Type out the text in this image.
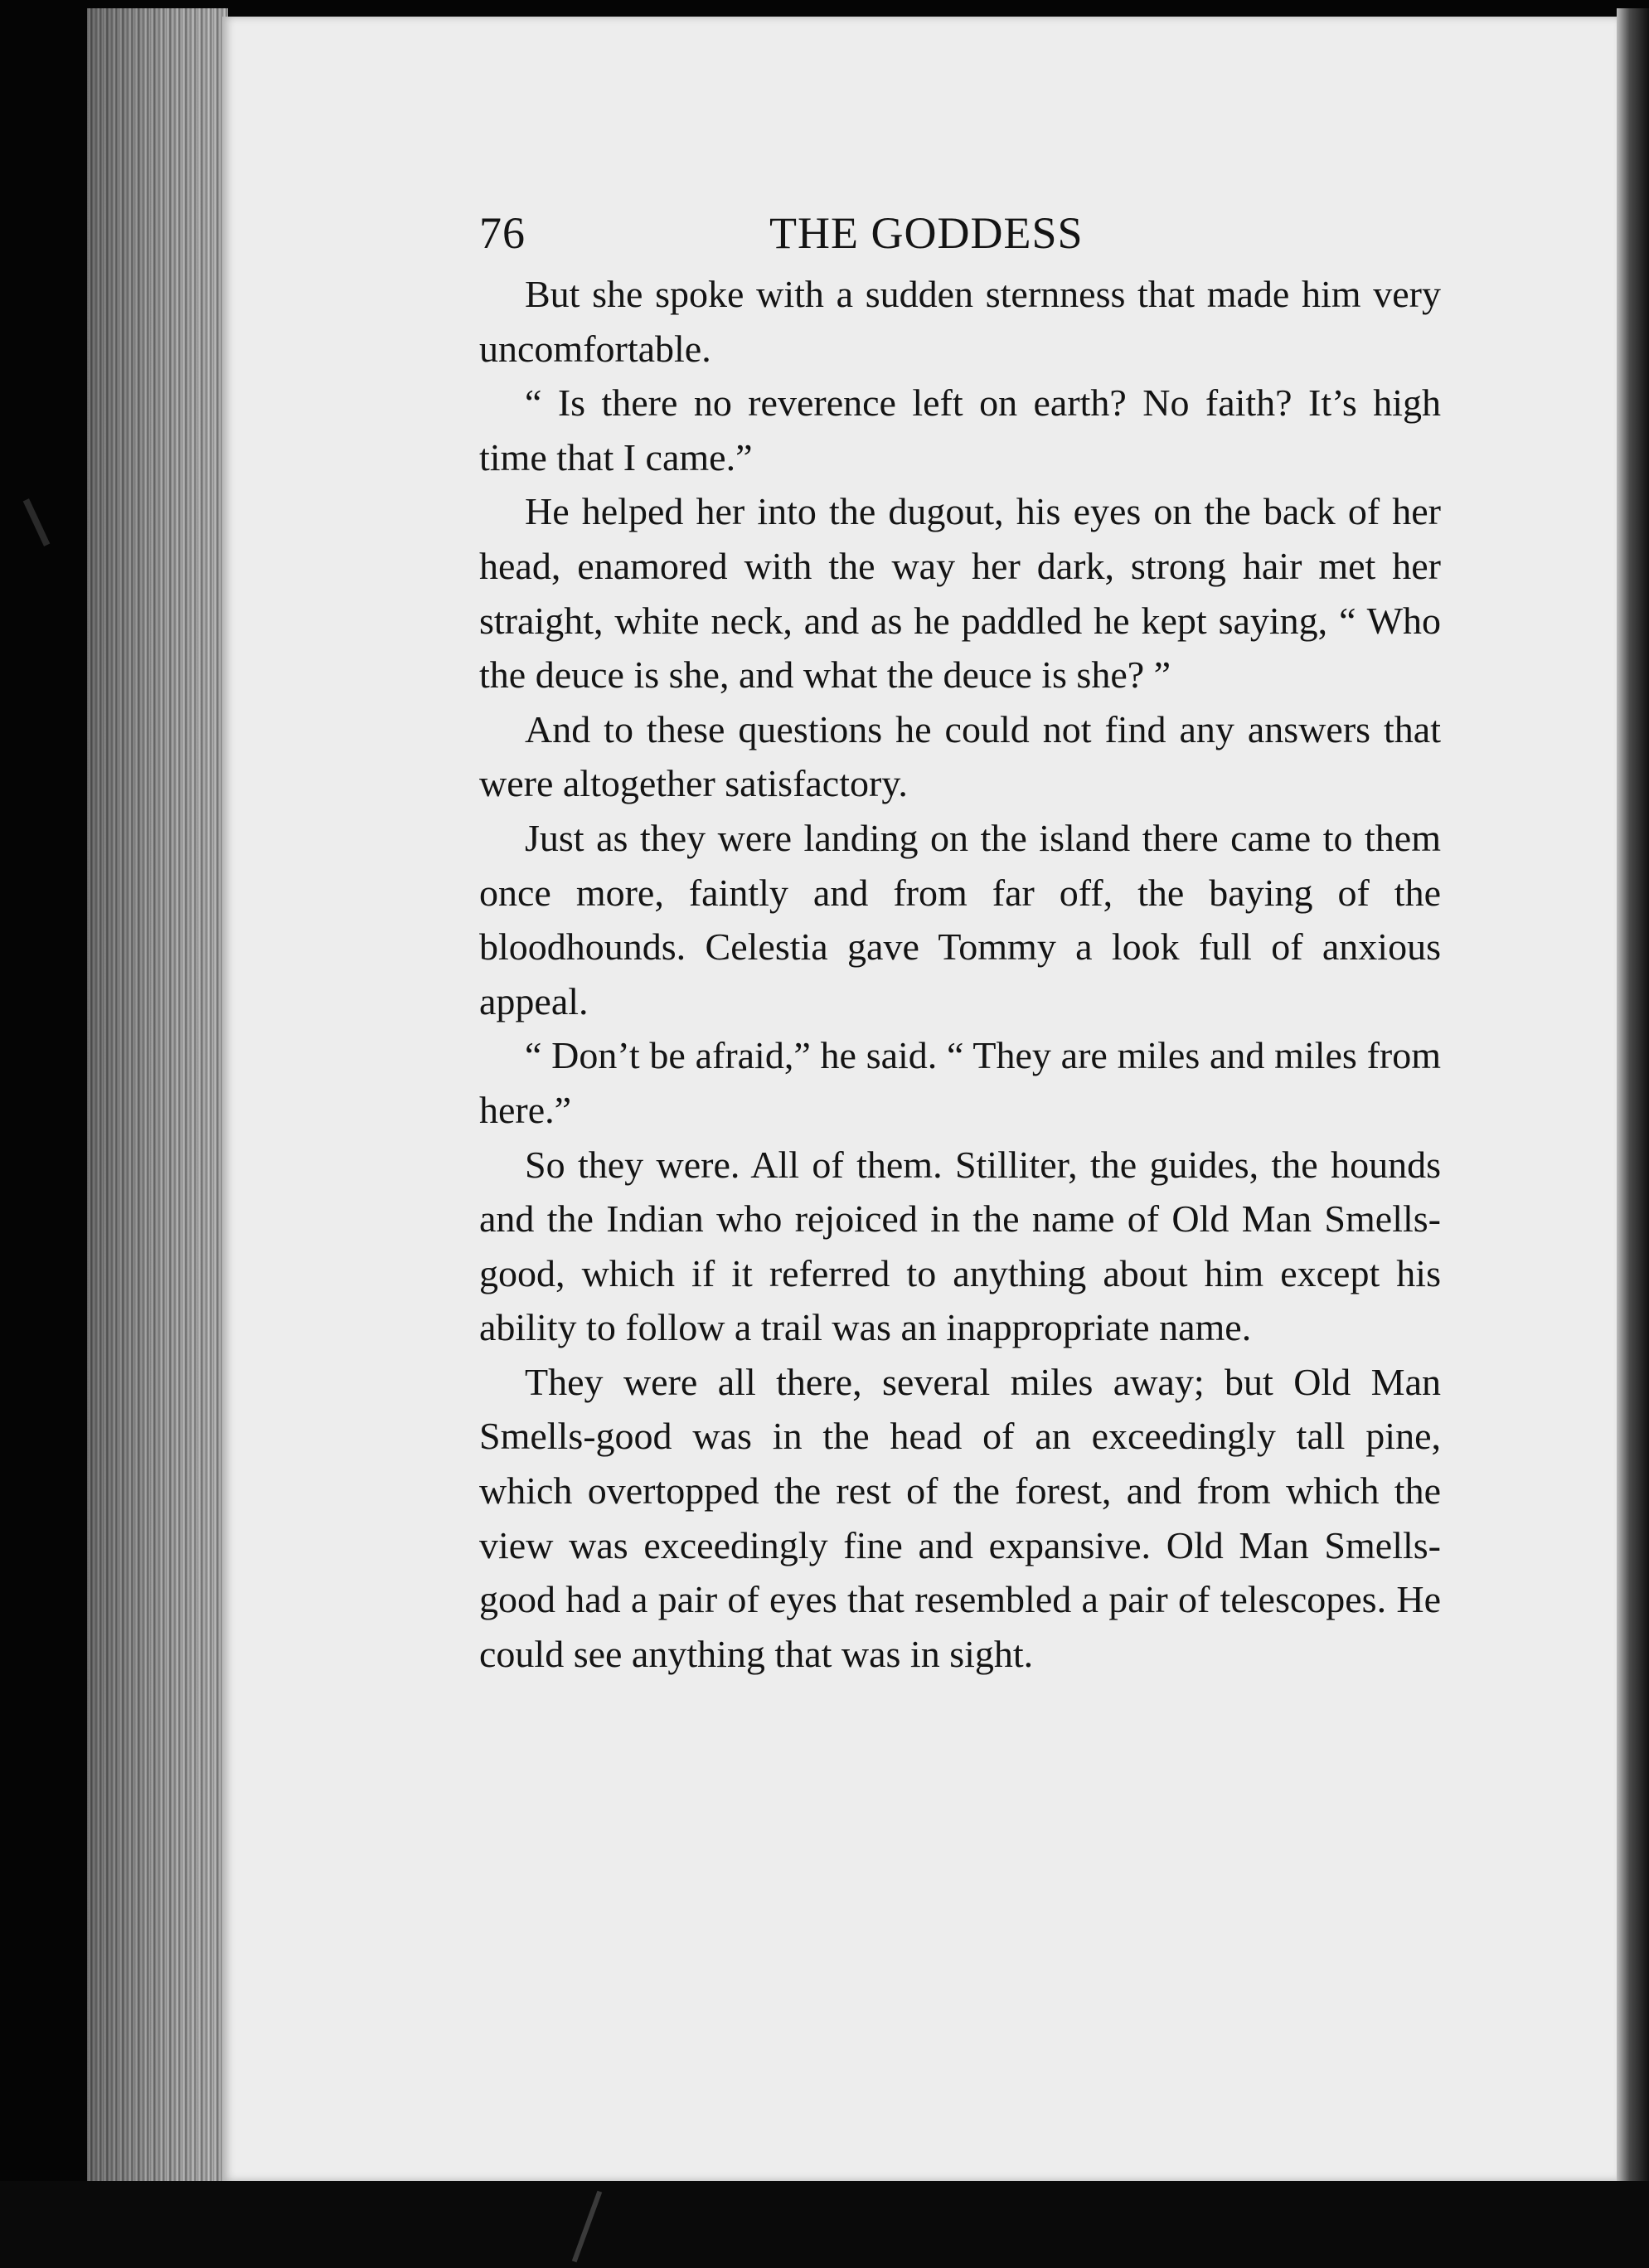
76	THE GODDESS

But she spoke with a sudden sternness that made him very uncomfortable.

“ Is there no reverence left on earth? No faith? It’s high time that I came.”

He helped her into the dugout, his eyes on the back of her head, enamored with the way her dark, strong hair met her straight, white neck, and as he paddled he kept saying, “ Who the deuce is she, and what the deuce is she? ”

And to these questions he could not find any answers that were altogether satisfactory.

Just as they were landing on the island there came to them once more, faintly and from far off, the baying of the bloodhounds. Celestia gave Tommy a look full of anxious appeal.

“ Don’t be afraid,” he said. “ They are miles and miles from here.”

So they were. All of them. Stilliter, the guides, the hounds and the Indian who rejoiced in the name of Old Man Smells-good, which if it referred to anything about him except his ability to follow a trail was an inappropriate name.

They were all there, several miles away; but Old Man Smells-good was in the head of an exceedingly tall pine, which overtopped the rest of the forest, and from which the view was exceedingly fine and expansive. Old Man Smells-good had a pair of eyes that resembled a pair of telescopes. He could see anything that was in sight.
